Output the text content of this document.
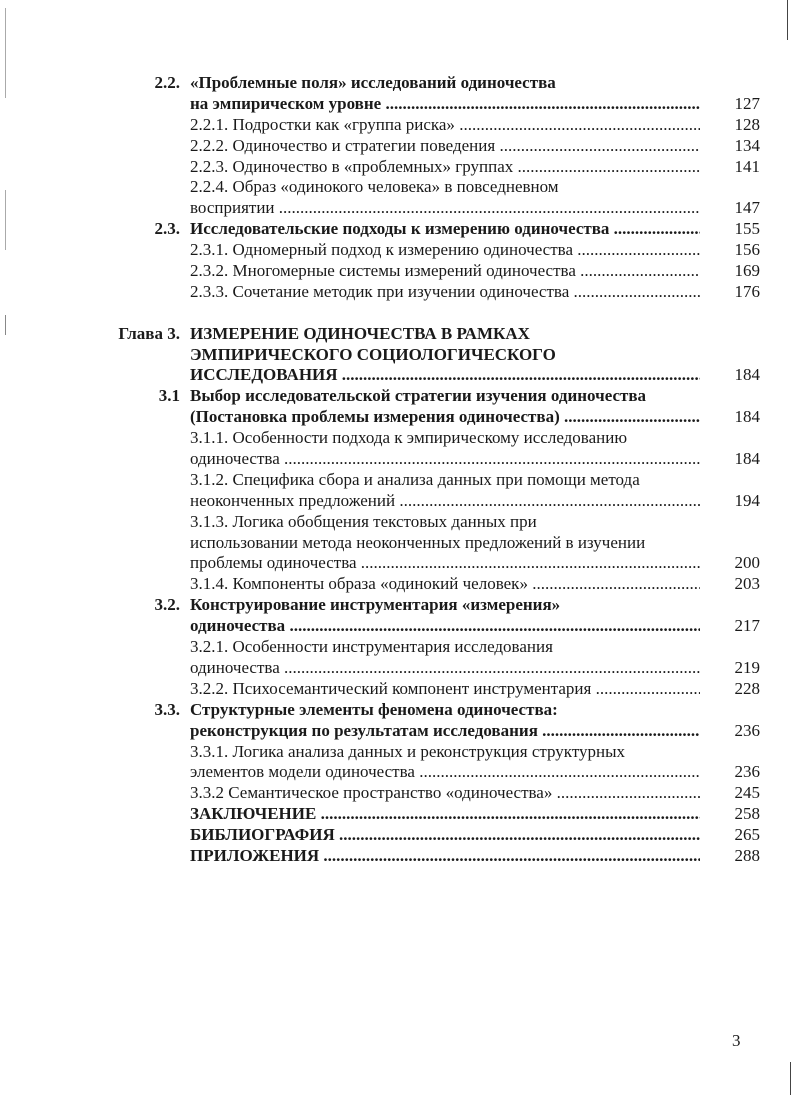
2.2. «Проблемные поля» исследований одиночества
на эмпирическом уровне .....	127
2.2.1. Подростки как «группа риска» .....	128
2.2.2. Одиночество и стратегии поведения .....	134
2.2.3. Одиночество в «проблемных» группах .....	141
2.2.4. Образ «одинокого человека» в повседневном
восприятии .....	147
2.3. Исследовательские подходы к измерению одиночества .....	155
2.3.1. Одномерный подход к измерению одиночества .....	156
2.3.2. Многомерные системы измерений одиночества .....	169
2.3.3. Сочетание методик при изучении одиночества .....	176
Глава 3. ИЗМЕРЕНИЕ ОДИНОЧЕСТВА В РАМКАХ
ЭМПИРИЧЕСКОГО СОЦИОЛОГИЧЕСКОГО
ИССЛЕДОВАНИЯ .....	184
3.1 Выбор исследовательской стратегии изучения одиночества
(Постановка проблемы измерения одиночества) .....	184
3.1.1. Особенности подхода к эмпирическому исследованию
одиночества .....	184
3.1.2. Специфика сбора и анализа данных при помощи метода
неоконченных предложений .....	194
3.1.3. Логика обобщения текстовых данных при
использовании метода неоконченных предложений в изучении
проблемы одиночества .....	200
3.1.4. Компоненты образа «одинокий человек» .....	203
3.2. Конструирование инструментария «измерения»
одиночества .....	217
3.2.1. Особенности инструментария исследования
одиночества .....	219
3.2.2. Психосемантический компонент инструментария .....	228
3.3. Структурные элементы феномена одиночества:
реконструкция по результатам исследования .....	236
3.3.1. Логика анализа данных и реконструкция структурных
элементов модели одиночества .....	236
3.3.2 Семантическое пространство «одиночества» .....	245
ЗАКЛЮЧЕНИЕ .....	258
БИБЛИОГРАФИЯ .....	265
ПРИЛОЖЕНИЯ .....	288
3
